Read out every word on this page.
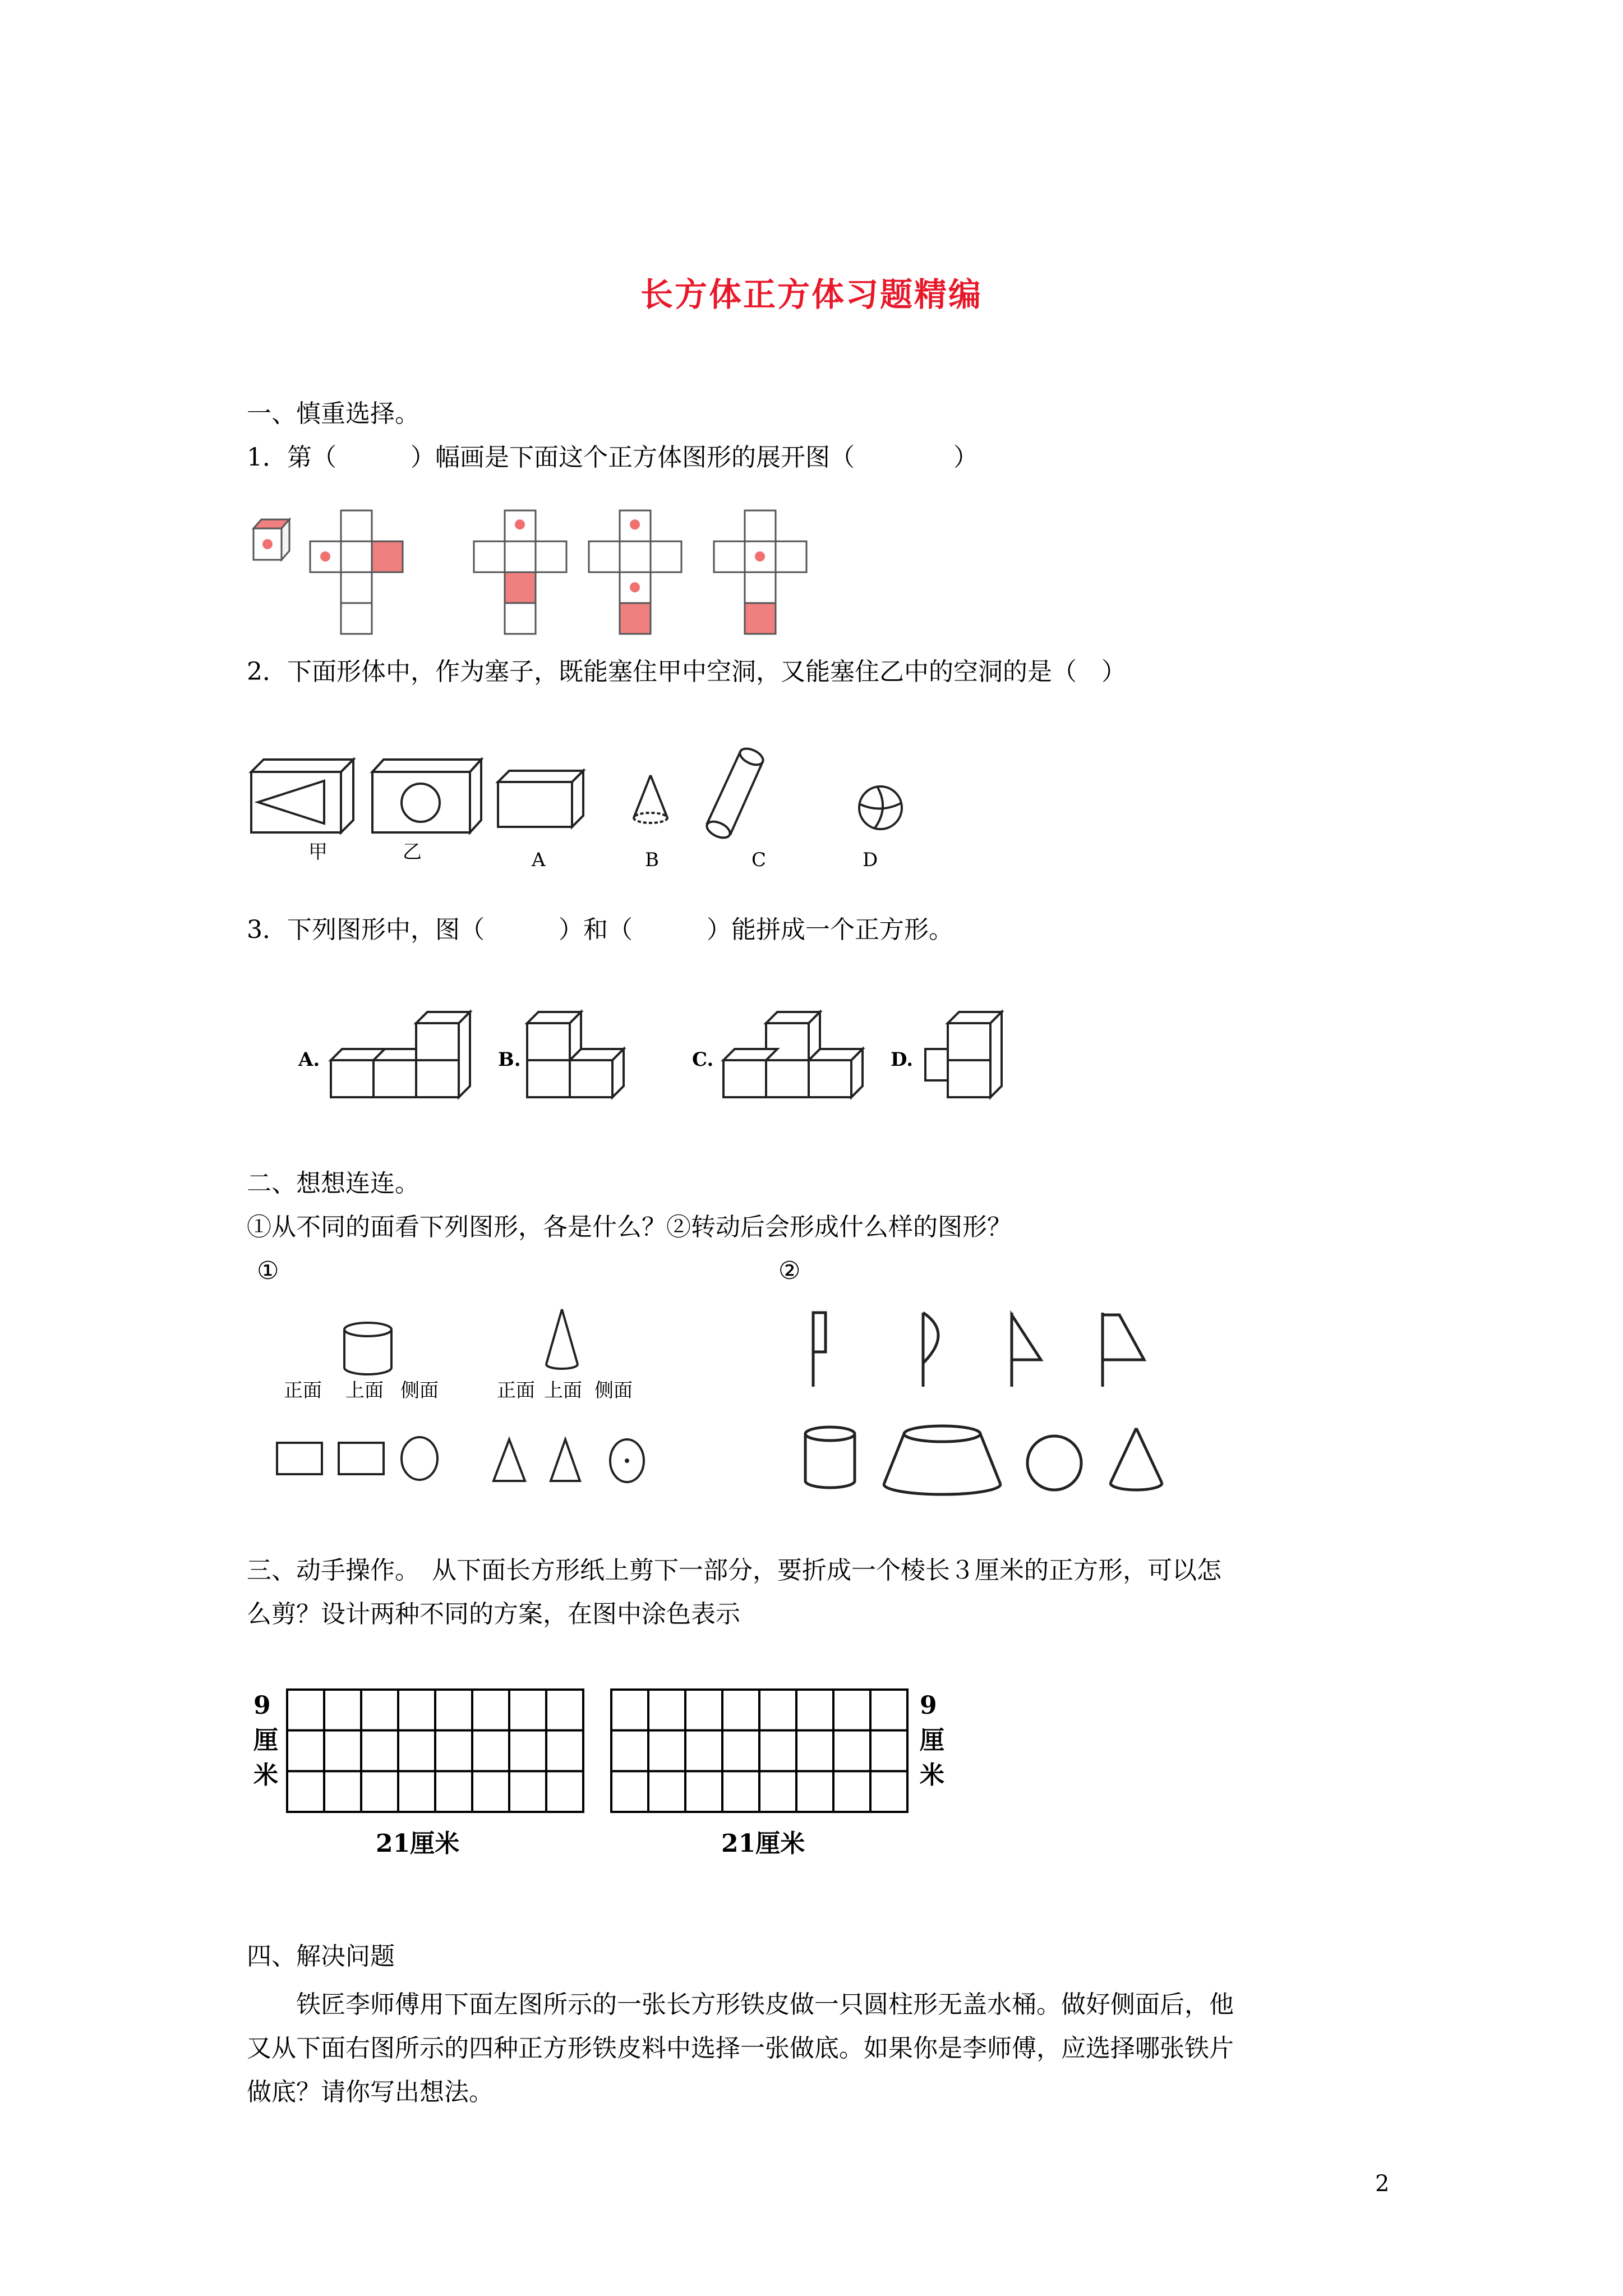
长方体正方体习题精编
一、慎重选择。
1．第（　　　）幅画是下面这个正方体图形的展开图（　　　　）
2．下面形体中，作为塞子，既能塞住甲中空洞，又能塞住乙中的空洞的是（　）
甲	乙	A	B	C	D
3．下列图形中，图（　　　）和（　　　）能拼成一个正方形。
A.	B.	C.	D.
二、想想连连。
①从不同的面看下列图形，各是什么？②转动后会形成什么样的图形？
①	②
正面 上面 侧面	正面 上面 侧面
三、动手操作。　从下面长方形纸上剪下一部分，要折成一个棱长３厘米的正方形，可以怎
么剪？设计两种不同的方案，在图中涂色表示
9
厘
米
21厘米
9
厘
米
21厘米
四、解决问题
　　铁匠李师傅用下面左图所示的一张长方形铁皮做一只圆柱形无盖水桶。做好侧面后，他
又从下面右图所示的四种正方形铁皮料中选择一张做底。如果你是李师傅，应选择哪张铁片
做底？请你写出想法。
2
